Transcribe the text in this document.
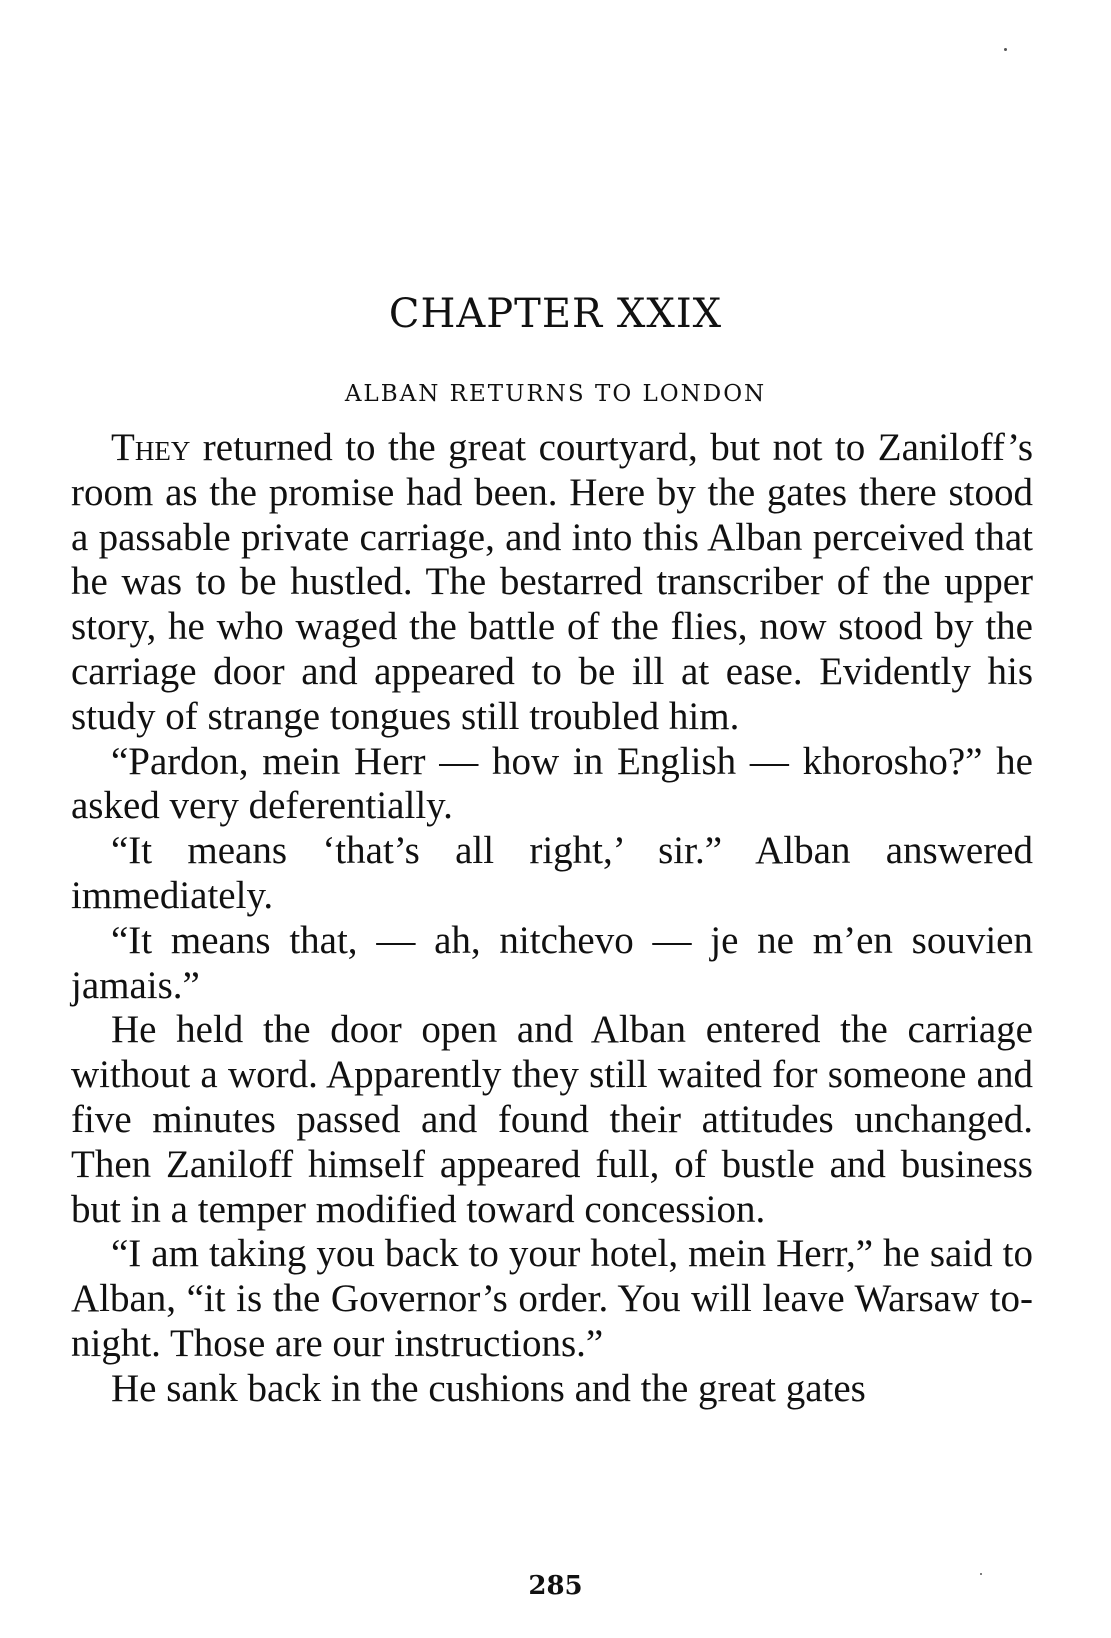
CHAPTER XXIX
ALBAN RETURNS TO LONDON

They returned to the great courtyard, but not to Zaniloff’s room as the promise had been. Here by the gates there stood a passable private carriage, and into this Alban perceived that he was to be hustled. The bestarred transcriber of the upper story, he who waged the battle of the flies, now stood by the carriage door and appeared to be ill at ease. Evidently his study of strange tongues still troubled him.

“Pardon, mein Herr — how in English — khorosho?” he asked very deferentially.

“It means ‘that’s all right,’ sir.” Alban answered immediately.

“It means that, — ah, nitchevo — je ne m’en souvien jamais.”

He held the door open and Alban entered the carriage without a word. Apparently they still waited for someone and five minutes passed and found their attitudes unchanged. Then Zaniloff himself appeared full, of bustle and business but in a temper modified toward concession.

“I am taking you back to your hotel, mein Herr,” he said to Alban, “it is the Governor’s order. You will leave Warsaw to-night. Those are our instructions.”

He sank back in the cushions and the great gates

285
